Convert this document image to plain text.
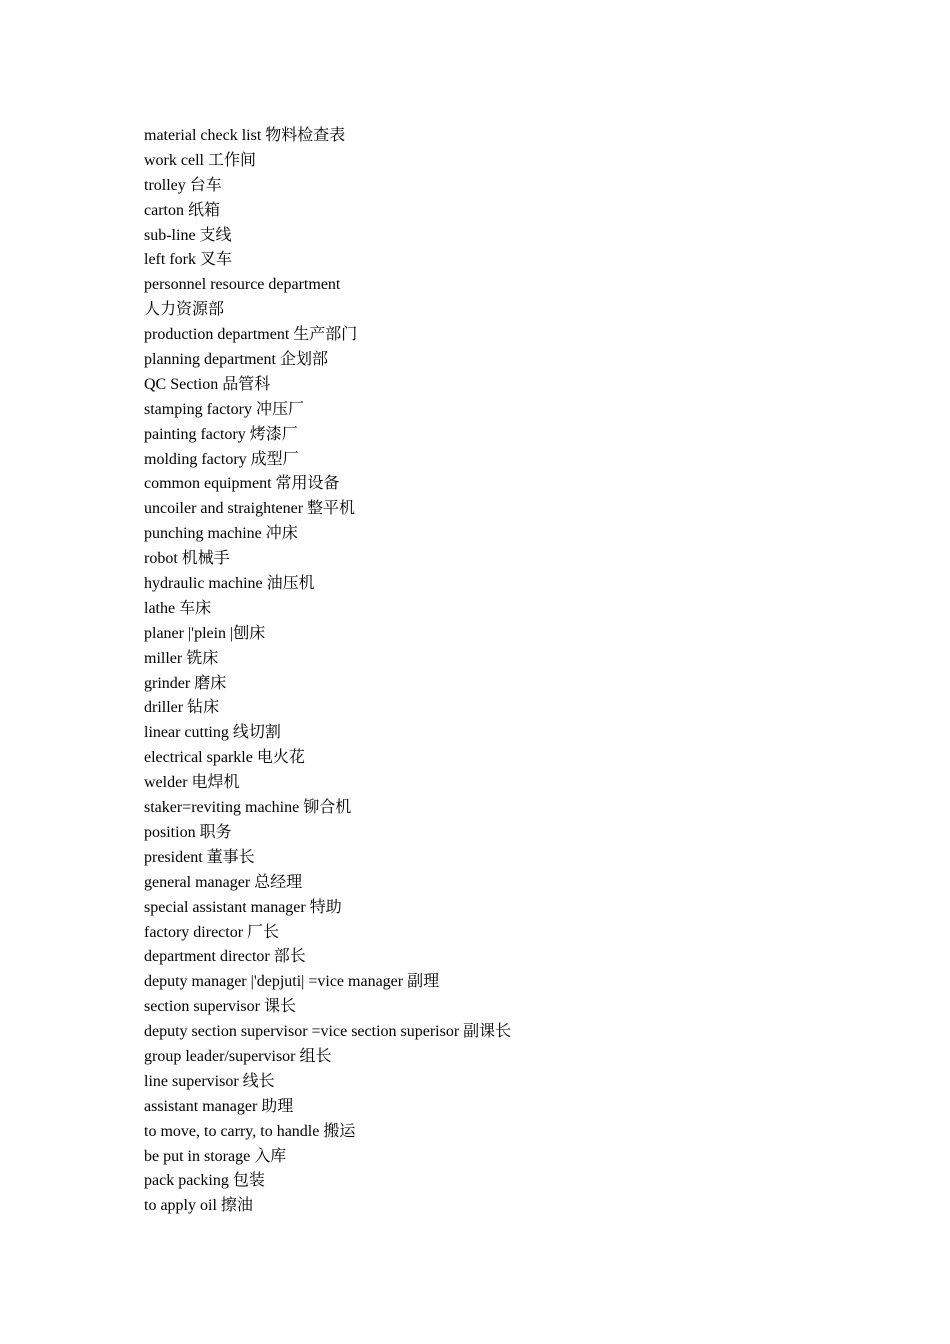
material check list 物料检查表
work cell 工作间
trolley 台车
carton 纸箱
sub-line 支线
left fork 叉车
personnel resource department
人力资源部
production department 生产部门
planning department 企划部
QC Section 品管科
stamping factory 冲压厂
painting factory 烤漆厂
molding factory 成型厂
common equipment 常用设备
uncoiler and straightener 整平机
punching machine 冲床
robot 机械手
hydraulic machine 油压机
lathe 车床
planer |'plein |刨床
miller 铣床
grinder 磨床
driller 钻床
linear cutting 线切割
electrical sparkle 电火花
welder 电焊机
staker=reviting machine 铆合机
position 职务
president 董事长
general manager 总经理
special assistant manager 特助
factory director 厂长
department director 部长
deputy manager |'depjuti| =vice manager 副理
section supervisor 课长
deputy section supervisor =vice section superisor 副课长
group leader/supervisor 组长
line supervisor 线长
assistant manager 助理
to move, to carry, to handle 搬运
be put in storage 入库
pack packing 包装
to apply oil 擦油
